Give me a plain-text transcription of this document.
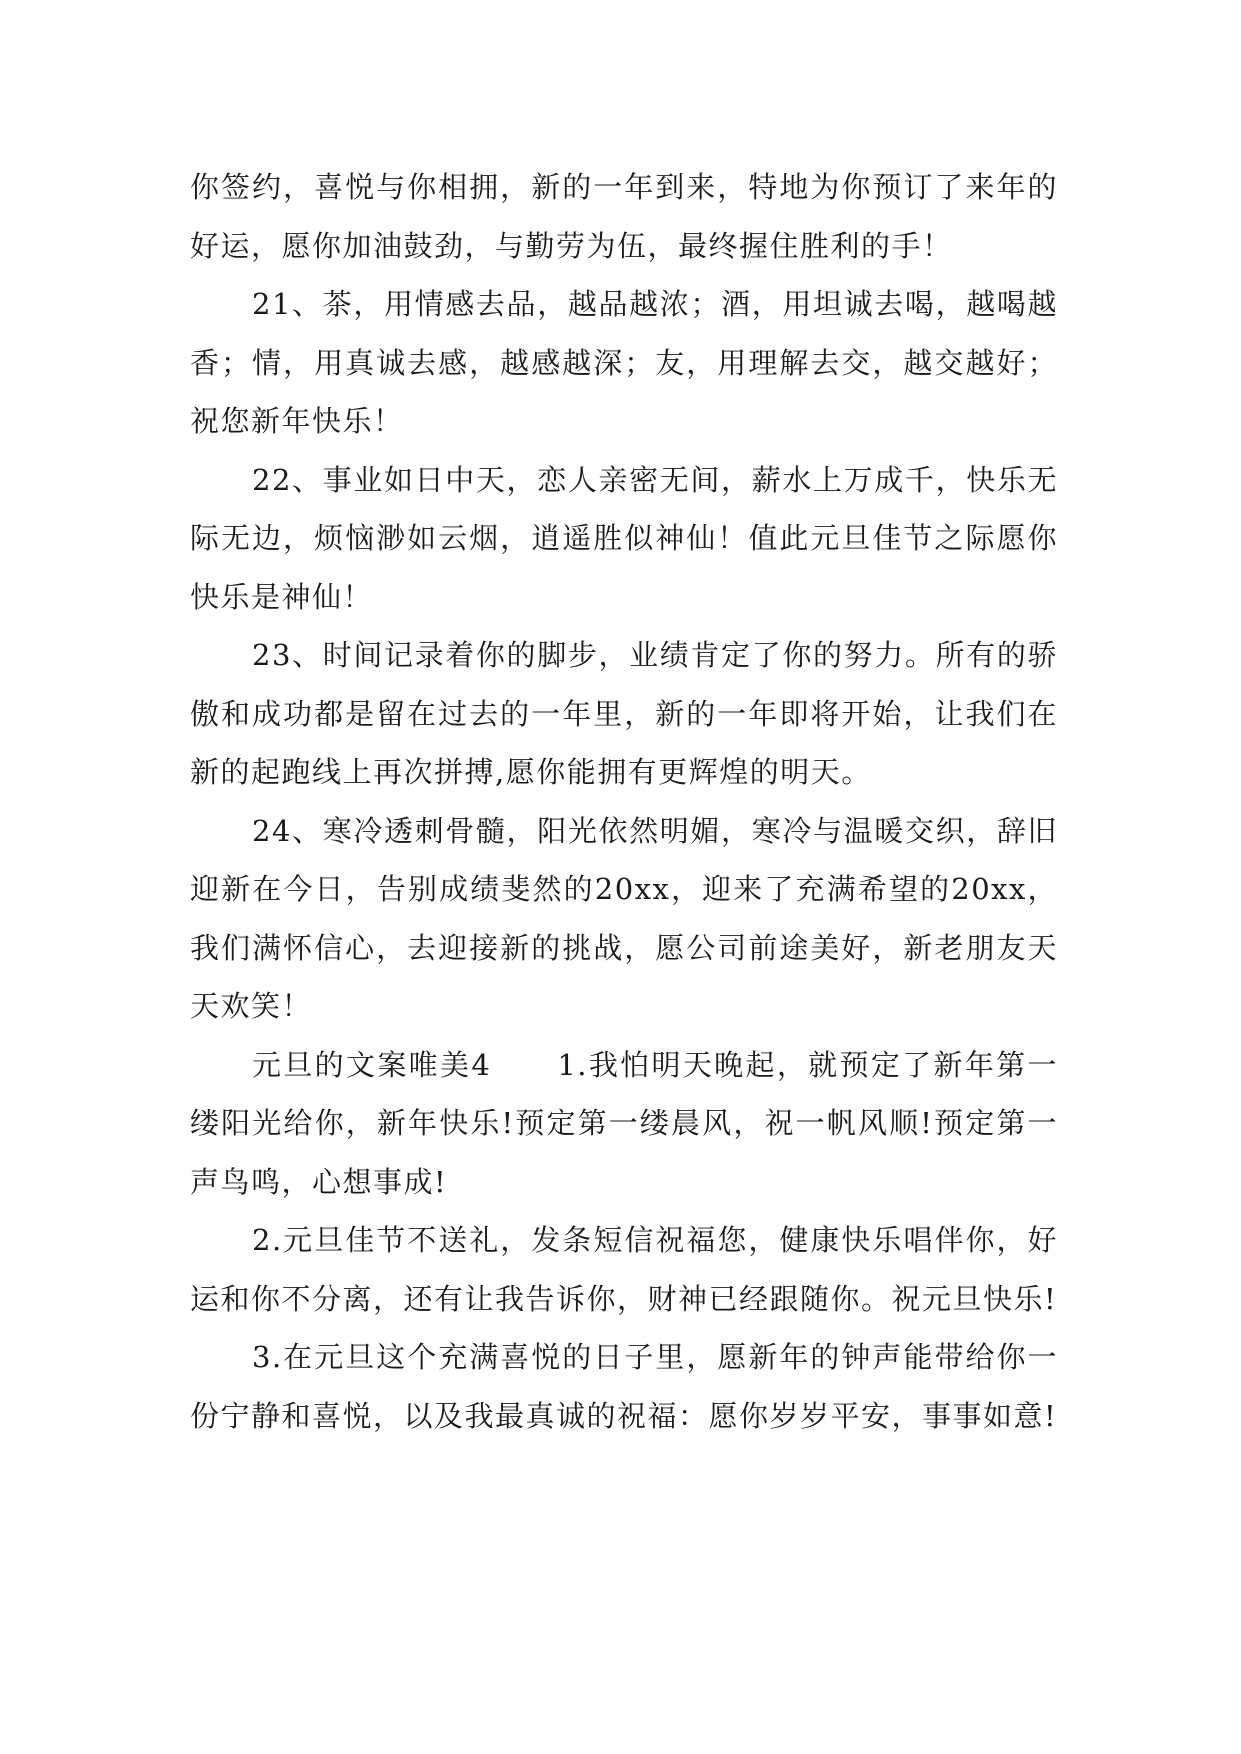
你签约，喜悦与你相拥，新的一年到来，特地为你预订了来年的好运，愿你加油鼓劲，与勤劳为伍，最终握住胜利的手！

21、茶，用情感去品，越品越浓；酒，用坦诚去喝，越喝越香；情，用真诚去感，越感越深；友，用理解去交，越交越好；祝您新年快乐！

22、事业如日中天，恋人亲密无间，薪水上万成千，快乐无际无边，烦恼渺如云烟，逍遥胜似神仙！值此元旦佳节之际愿你快乐是神仙！

23、时间记录着你的脚步，业绩肯定了你的努力。所有的骄傲和成功都是留在过去的一年里，新的一年即将开始，让我们在新的起跑线上再次拼搏,愿你能拥有更辉煌的明天。

24、寒冷透刺骨髓，阳光依然明媚，寒冷与温暖交织，辞旧迎新在今日，告别成绩斐然的20xx，迎来了充满希望的20xx，我们满怀信心，去迎接新的挑战，愿公司前途美好，新老朋友天天欢笑！

元旦的文案唯美4 1.我怕明天晚起，就预定了新年第一缕阳光给你，新年快乐!预定第一缕晨风，祝一帆风顺!预定第一声鸟鸣，心想事成!

2.元旦佳节不送礼，发条短信祝福您，健康快乐唱伴你，好运和你不分离，还有让我告诉你，财神已经跟随你。祝元旦快乐!

3.在元旦这个充满喜悦的日子里，愿新年的钟声能带给你一份宁静和喜悦，以及我最真诚的祝福：愿你岁岁平安，事事如意!
